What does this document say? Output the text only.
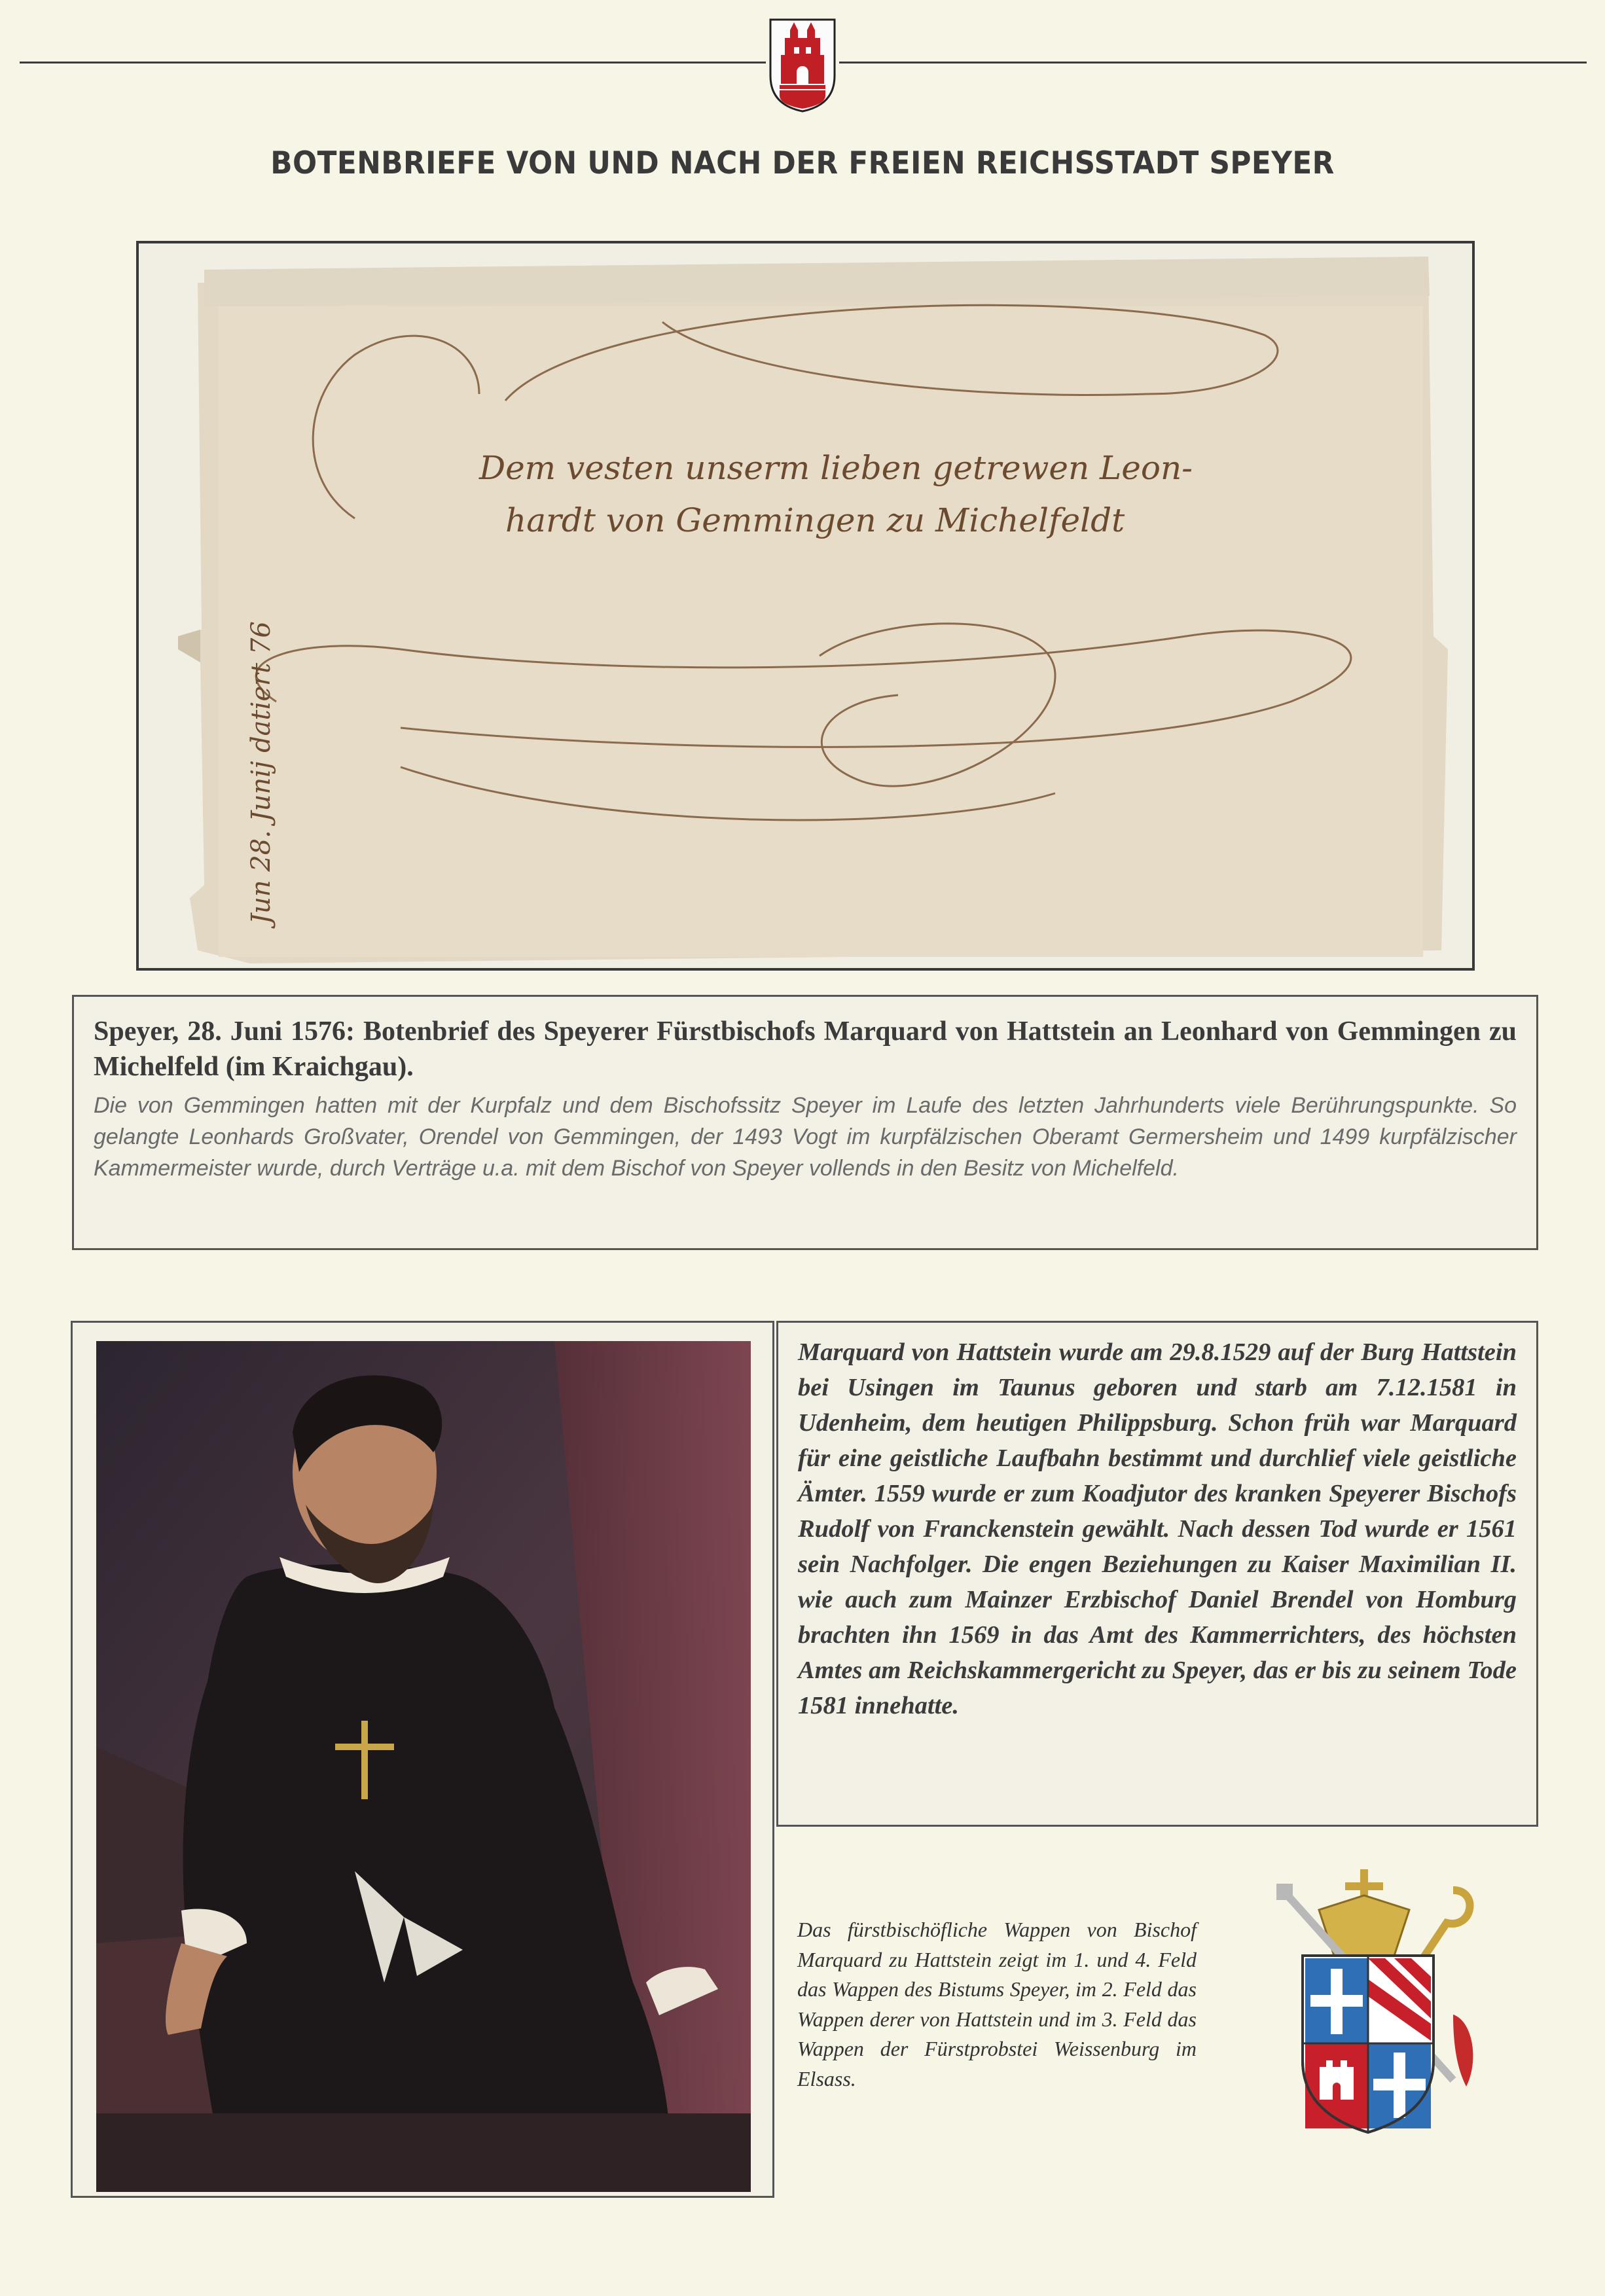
BOTENBRIEFE VON UND NACH DER FREIEN REICHSSTADT SPEYER
Dem vesten unserm lieben getrewen Leon-
hardt von Gemmingen zu Michelfeldt
Jun 28. Junij datiert 76

Speyer, 28. Juni 1576: Botenbrief des Speyerer Fürstbischofs Marquard von Hattstein an Leonhard von Gemmingen zu Michelfeld (im Kraichgau).

Die von Gemmingen hatten mit der Kurpfalz und dem Bischofssitz Speyer im Laufe des letzten Jahrhunderts viele Berührungspunkte. So gelangte Leonhards Großvater, Orendel von Gemmingen, der 1493 Vogt im kurpfälzischen Oberamt Germersheim und 1499 kurpfälzischer Kammermeister wurde, durch Verträge u.a. mit dem Bischof von Speyer vollends in den Besitz von Michelfeld.

Marquard von Hattstein wurde am 29.8.1529 auf der Burg Hattstein bei Usingen im Taunus geboren und starb am 7.12.1581 in Udenheim, dem heutigen Philippsburg. Schon früh war Marquard für eine geistliche Laufbahn bestimmt und durchlief viele geistliche Ämter. 1559 wurde er zum Koadjutor des kranken Speyerer Bischofs Rudolf von Franckenstein gewählt. Nach dessen Tod wurde er 1561 sein Nachfolger. Die engen Beziehungen zu Kaiser Maximilian II. wie auch zum Mainzer Erzbischof Daniel Brendel von Homburg brachten ihn 1569 in das Amt des Kammerrichters, des höchsten Amtes am Reichskammergericht zu Speyer, das er bis zu seinem Tode 1581 innehatte.

Das fürstbischöfliche Wappen von Bischof Marquard zu Hattstein zeigt im 1. und 4. Feld das Wappen des Bistums Speyer, im 2. Feld das Wappen derer von Hattstein und im 3. Feld das Wappen der Fürstprobstei Weissenburg im Elsass.
